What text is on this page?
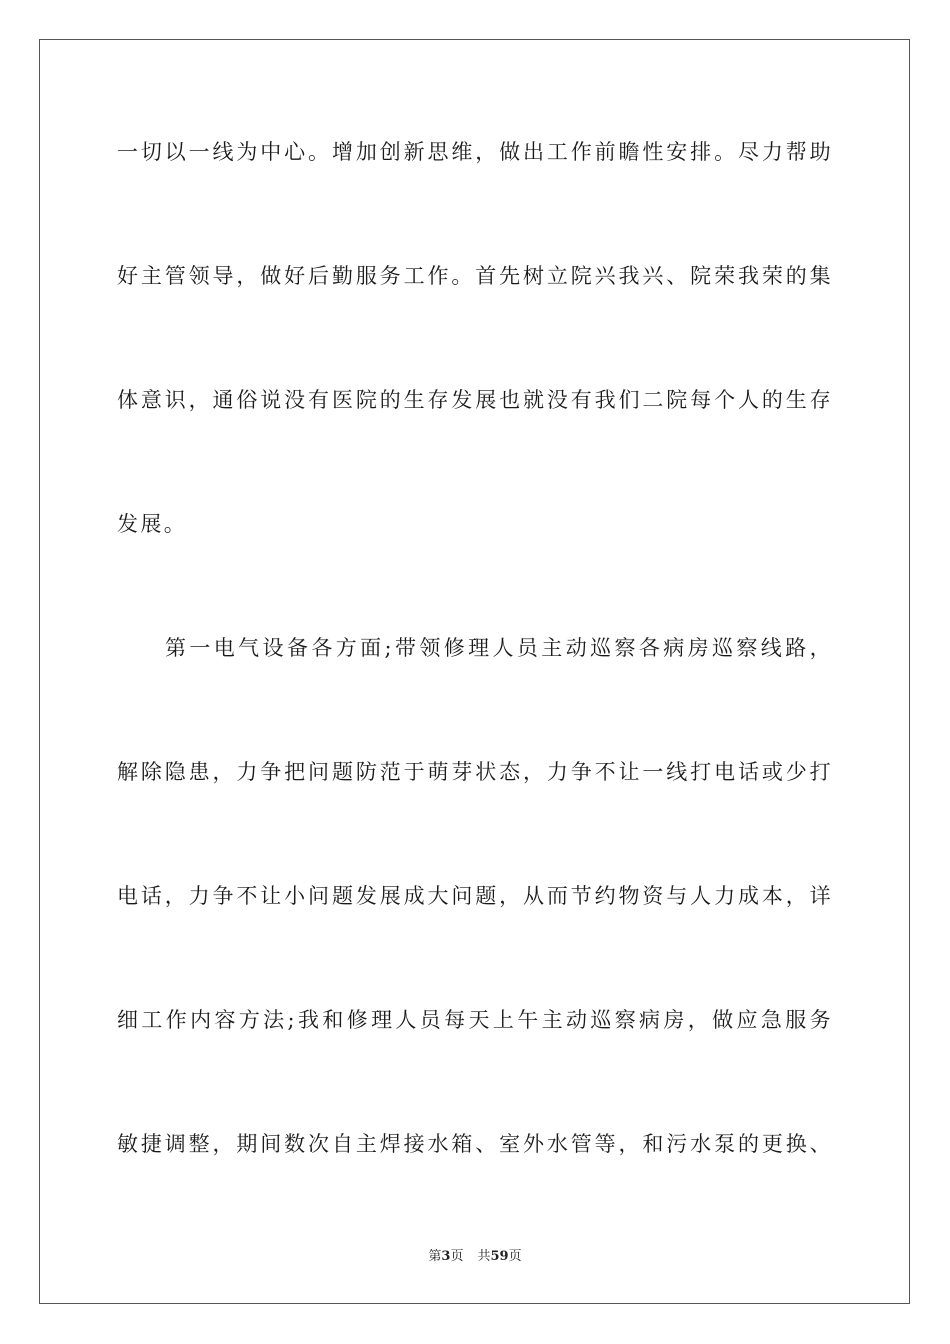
一切以一线为中心。增加创新思维，做出工作前瞻性安排。尽力帮助
好主管领导，做好后勤服务工作。首先树立院兴我兴、院荣我荣的集
体意识，通俗说没有医院的生存发展也就没有我们二院每个人的生存
发展。
第一电气设备各方面;带领修理人员主动巡察各病房巡察线路，
解除隐患，力争把问题防范于萌芽状态，力争不让一线打电话或少打
电话，力争不让小问题发展成大问题，从而节约物资与人力成本，详
细工作内容方法;我和修理人员每天上午主动巡察病房，做应急服务
敏捷调整，期间数次自主焊接水箱、室外水管等，和污水泵的更换、
第3页 共59页
